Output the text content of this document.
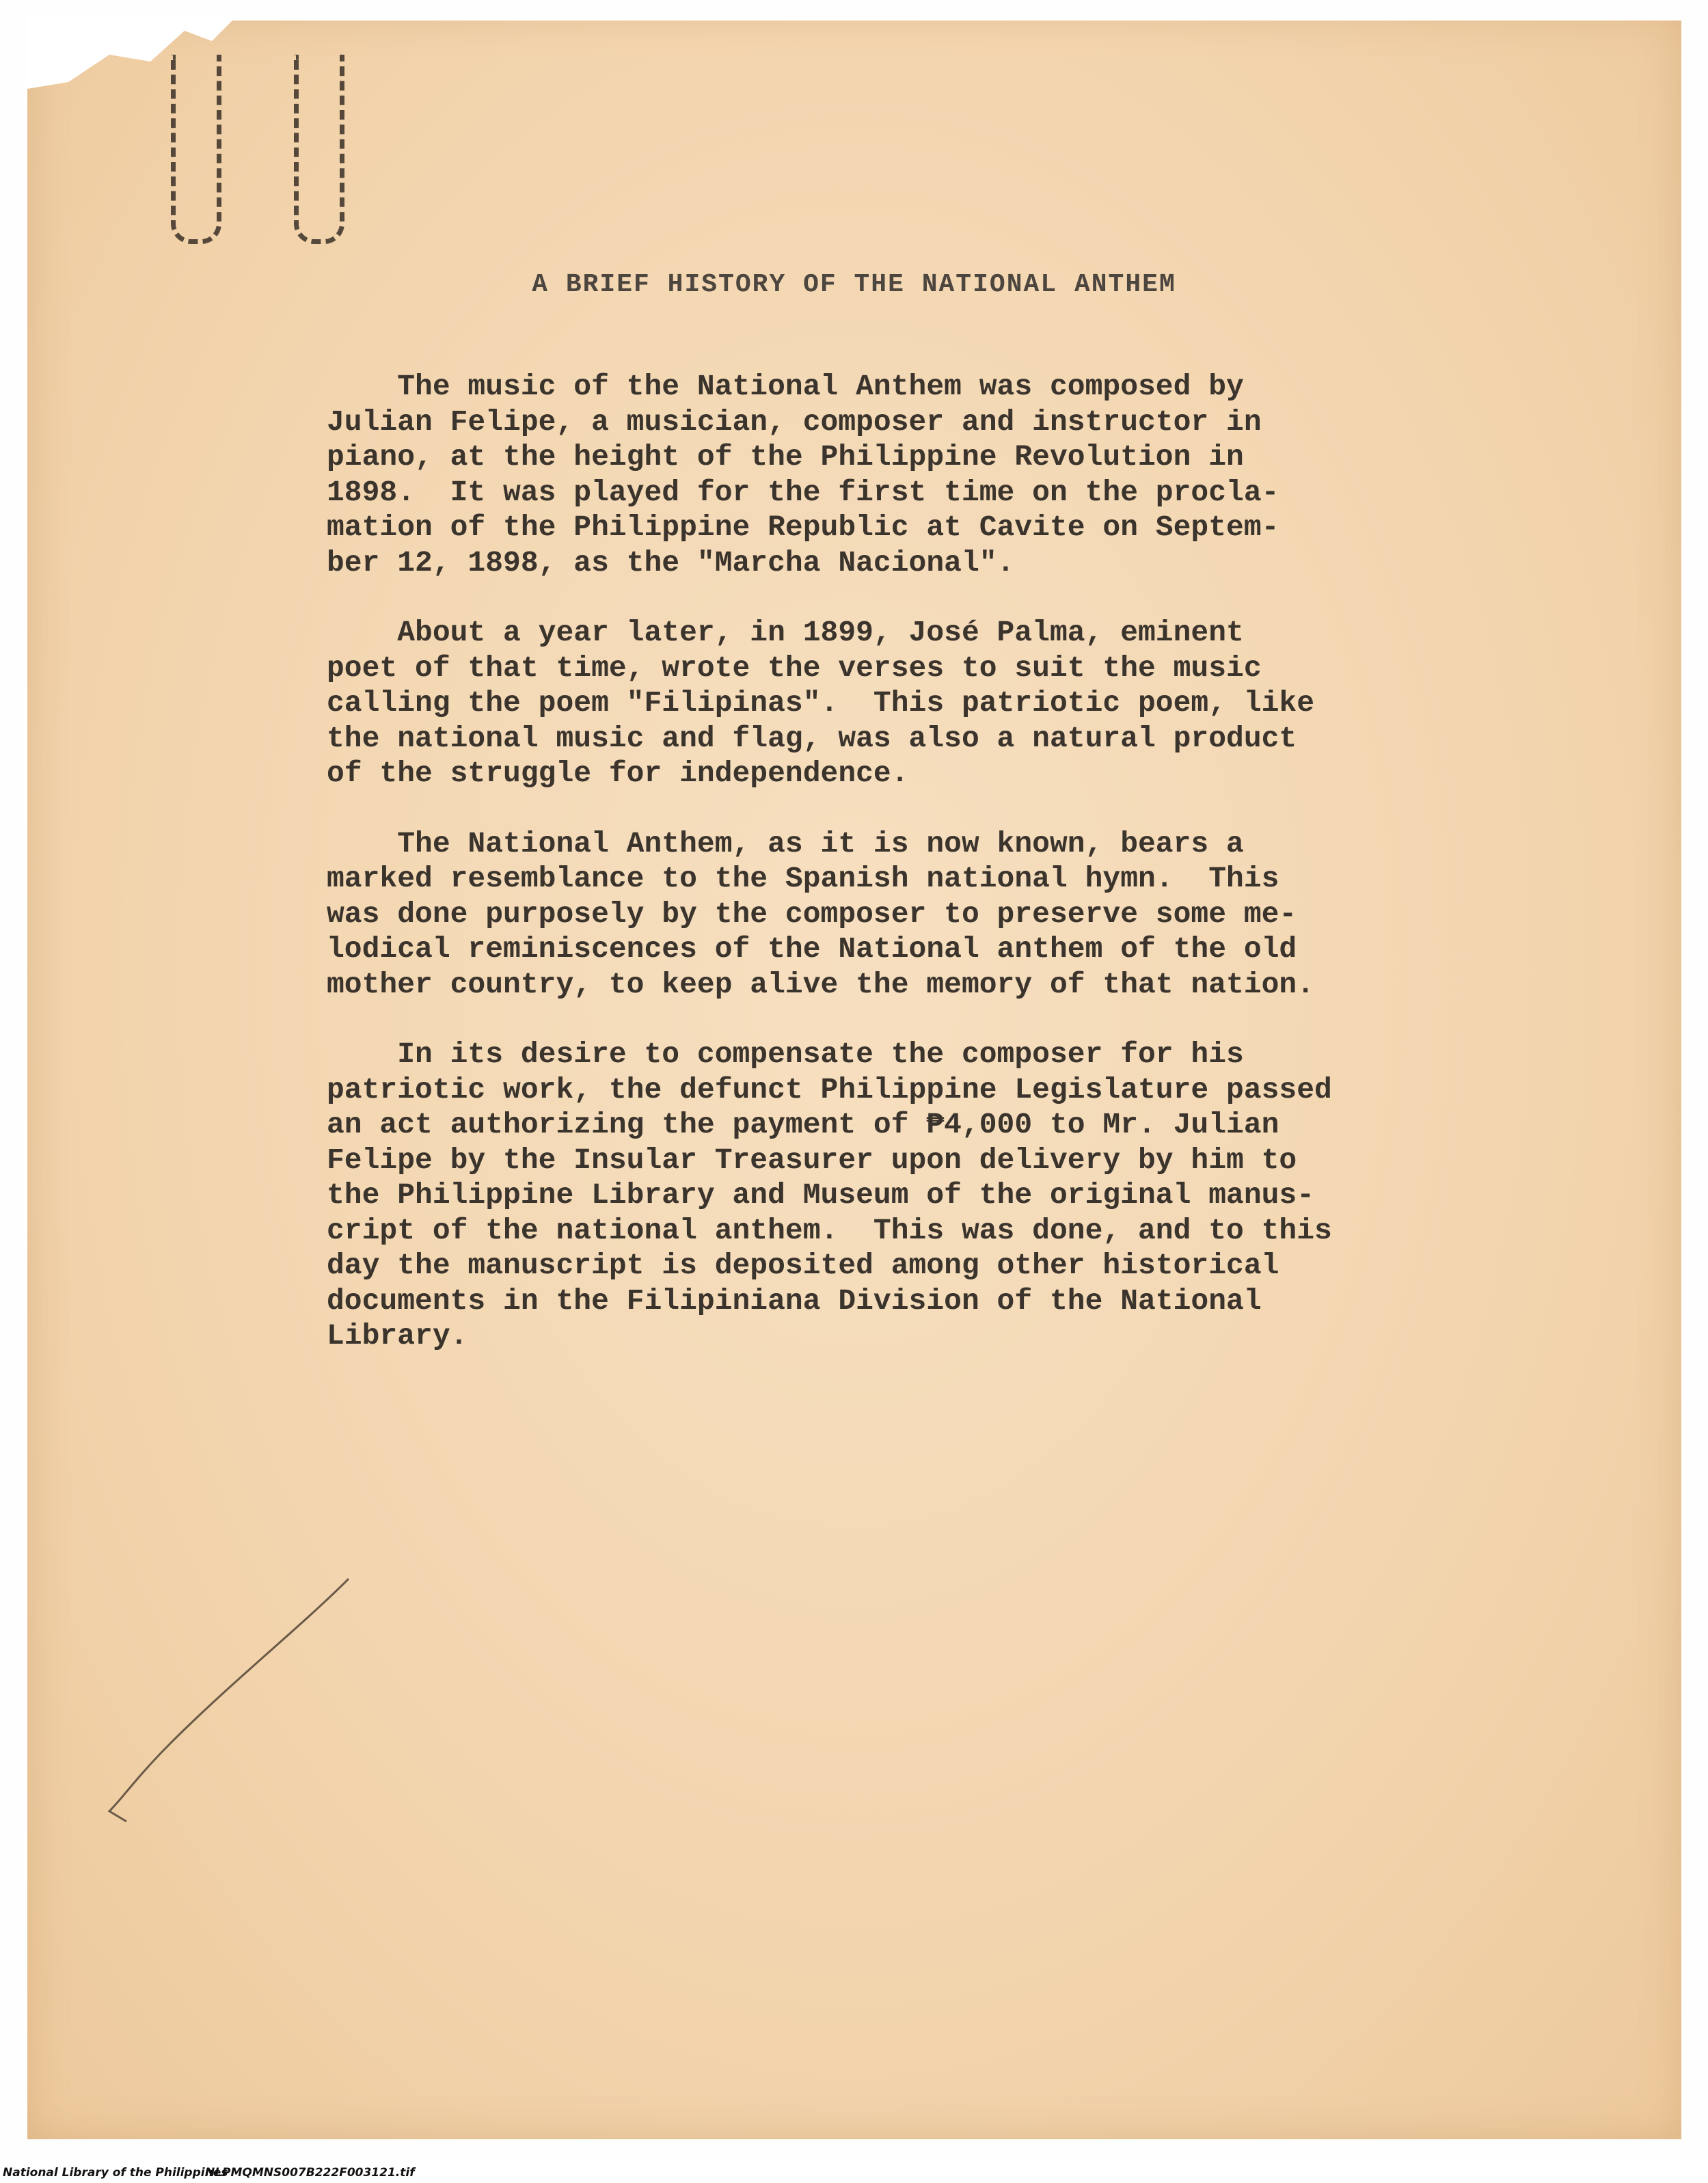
A BRIEF HISTORY OF THE NATIONAL ANTHEM

The music of the National Anthem was composed by
Julian Felipe, a musician, composer and instructor in
piano, at the height of the Philippine Revolution in
1898.  It was played for the first time on the procla-
mation of the Philippine Republic at Cavite on Septem-
ber 12, 1898, as the "Marcha Nacional".

About a year later, in 1899, José Palma, eminent
poet of that time, wrote the verses to suit the music
calling the poem "Filipinas".  This patriotic poem, like
the national music and flag, was also a natural product
of the struggle for independence.

The National Anthem, as it is now known, bears a
marked resemblance to the Spanish national hymn.  This
was done purposely by the composer to preserve some me-
lodical reminiscences of the National anthem of the old
mother country, to keep alive the memory of that nation.

In its desire to compensate the composer for his
patriotic work, the defunct Philippine Legislature passed
an act authorizing the payment of ₱4,000 to Mr. Julian
Felipe by the Insular Treasurer upon delivery by him to
the Philippine Library and Museum of the original manus-
cript of the national anthem.  This was done, and to this
day the manuscript is deposited among other historical
documents in the Filipiniana Division of the National
Library.

National Library of the Philippines
NLPMQMNS007B222F003121.tif
